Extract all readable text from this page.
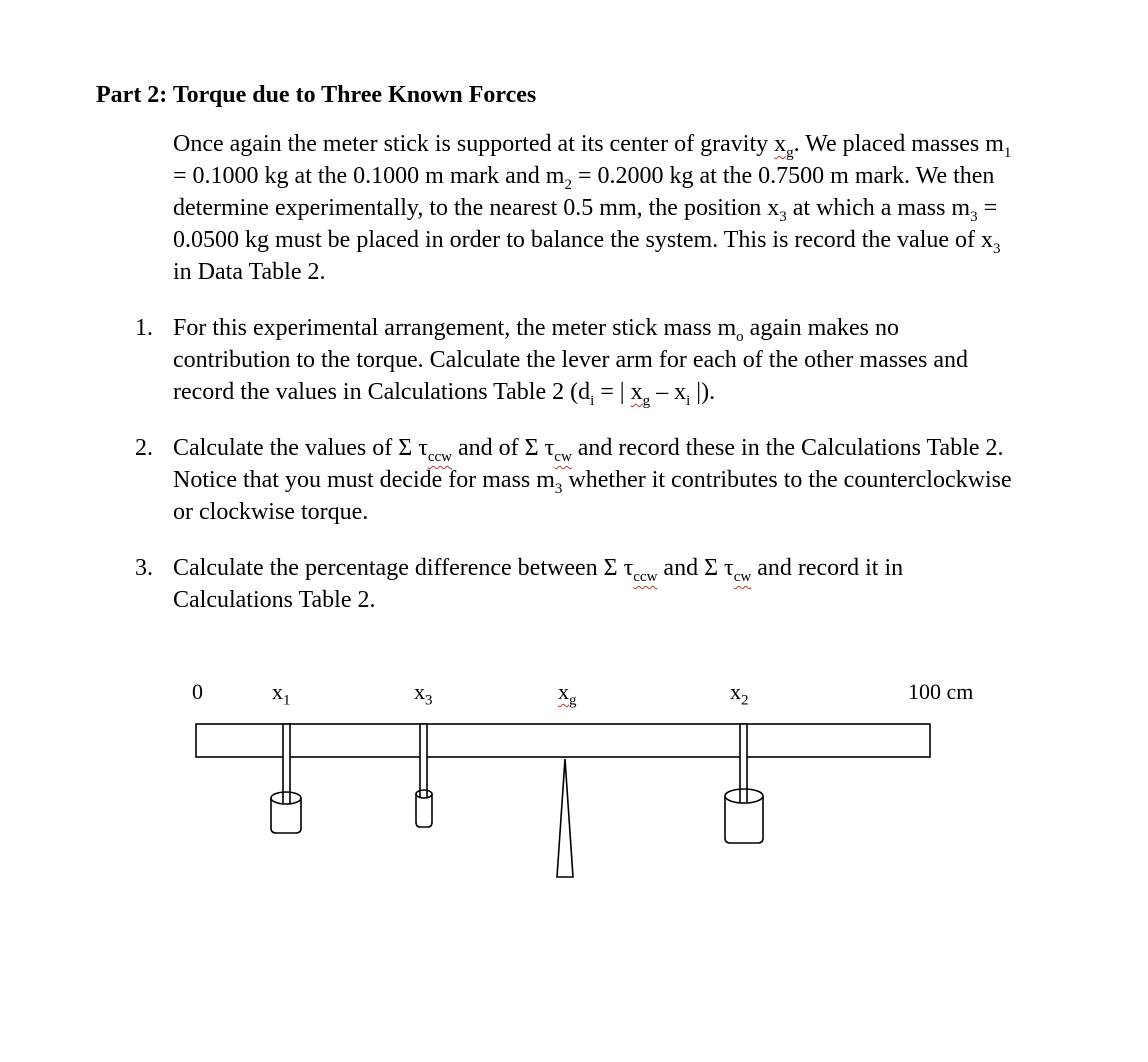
Part 2: Torque due to Three Known Forces

Once again the meter stick is supported at its center of gravity $x_g$. We placed masses $m_1 = 0.1000$ kg at the 0.1000 m mark and $m_2 = 0.2000$ kg at the 0.7500 m mark. We then determine experimentally, to the nearest 0.5 mm, the position $x_3$ at which a mass $m_3 = 0.0500$ kg must be placed in order to balance the system. This is record the value of $x_3$ in Data Table 2.

1. For this experimental arrangement, the meter stick mass $m_o$ again makes no contribution to the torque. Calculate the lever arm for each of the other masses and record the values in Calculations Table 2 ($d_i$ = | $x_g - x_i$ |).
2. Calculate the values of Σ $\tau_{ccw}$ and of Σ $\tau_{cw}$ and record these in the Calculations Table 2. Notice that you must decide for mass $m_3$ whether it contributes to the counterclockwise or clockwise torque.
3. Calculate the percentage difference between Σ $\tau_{ccw}$ and Σ $\tau_{cw}$ and record it in Calculations Table 2.
0	$x_1$	$x_3$	$x_g$	$x_2$	100 cm
